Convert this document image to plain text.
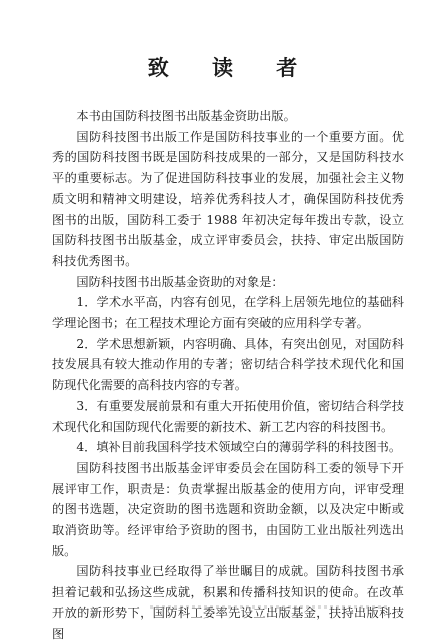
致 读 者

本书由国防科技图书出版基金资助出版。

国防科技图书出版工作是国防科技事业的一个重要方面。优秀的国防科技图书既是国防科技成果的一部分，又是国防科技水平的重要标志。为了促进国防科技事业的发展，加强社会主义物质文明和精神文明建设，培养优秀科技人才，确保国防科技优秀图书的出版，国防科工委于 1988 年初决定每年拨出专款，设立国防科技图书出版基金，成立评审委员会，扶持、审定出版国防科技优秀图书。

国防科技图书出版基金资助的对象是：

1．学术水平高，内容有创见，在学科上居领先地位的基础科学理论图书；在工程技术理论方面有突破的应用科学专著。

2．学术思想新颖，内容明确、具体，有突出创见，对国防科技发展具有较大推动作用的专著；密切结合科学技术现代化和国防现代化需要的高科技内容的专著。

3．有重要发展前景和有重大开拓使用价值，密切结合科学技术现代化和国防现代化需要的新技术、新工艺内容的科技图书。

4．填补目前我国科学技术领域空白的薄弱学科的科技图书。

国防科技图书出版基金评审委员会在国防科工委的领导下开展评审工作，职责是：负责掌握出版基金的使用方向，评审受理的图书选题，决定资助的图书选题和资助金额，以及决定中断或取消资助等。经评审给予资助的图书，由国防工业出版社列选出版。

国防科技事业已经取得了举世瞩目的成就。国防科技图书承担着记载和弘扬这些成就，积累和传播科技知识的使命。在改革开放的新形势下，国防科工委率先设立出版基金，扶持出版科技图
